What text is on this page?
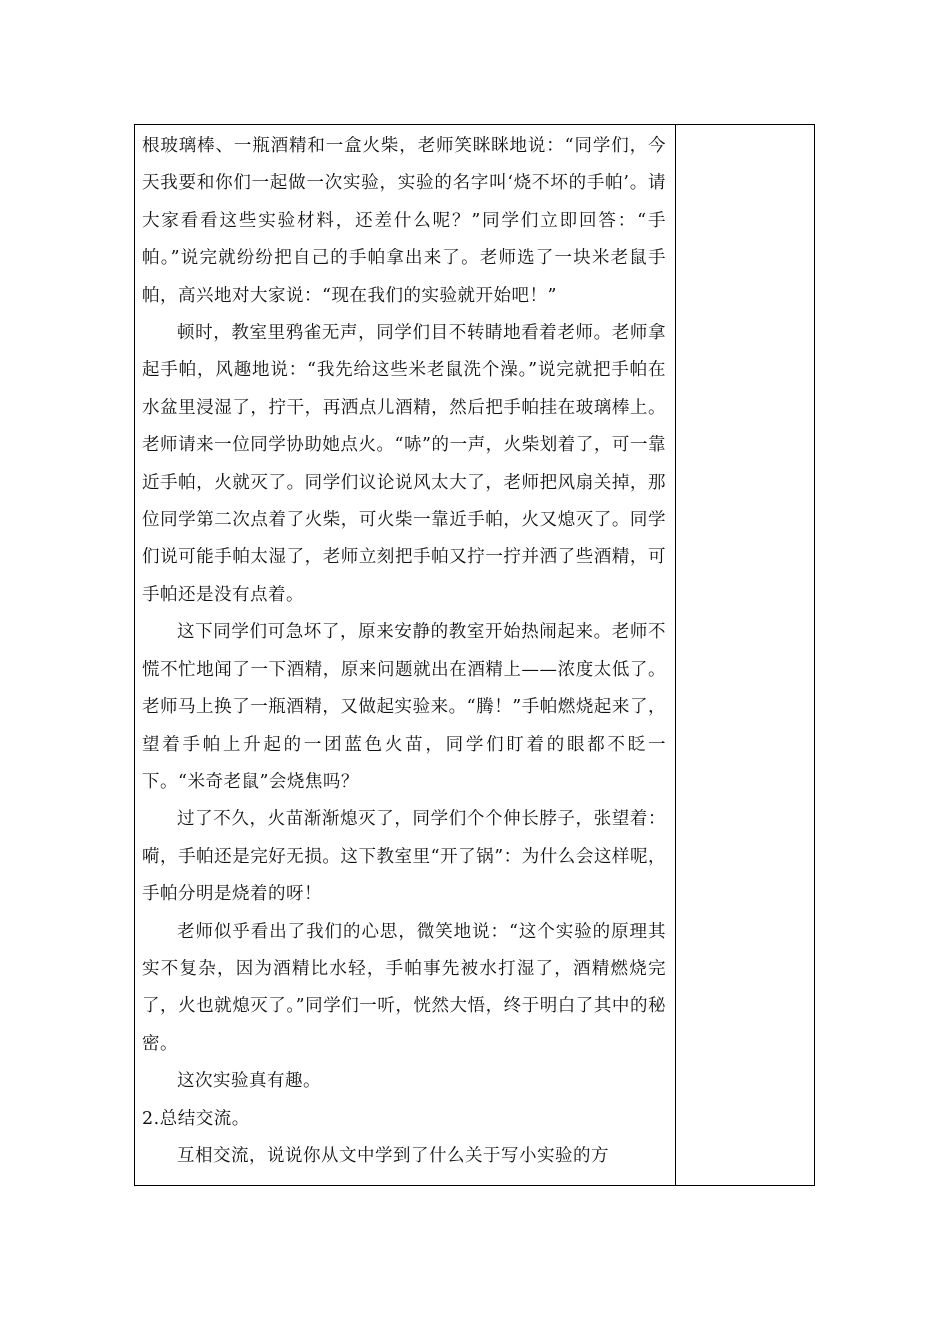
根玻璃棒、一瓶酒精和一盒火柴，老师笑眯眯地说：“同学们，今天我要和你们一起做一次实验，实验的名字叫‘烧不坏的手帕’。请大家看看这些实验材料，还差什么呢？”同学们立即回答：“手帕。”说完就纷纷把自己的手帕拿出来了。老师选了一块米老鼠手帕，高兴地对大家说：“现在我们的实验就开始吧！”

顿时，教室里鸦雀无声，同学们目不转睛地看着老师。老师拿起手帕，风趣地说：“我先给这些米老鼠洗个澡。”说完就把手帕在水盆里浸湿了，拧干，再洒点儿酒精，然后把手帕挂在玻璃棒上。老师请来一位同学协助她点火。“哧”的一声，火柴划着了，可一靠近手帕，火就灭了。同学们议论说风太大了，老师把风扇关掉，那位同学第二次点着了火柴，可火柴一靠近手帕，火又熄灭了。同学们说可能手帕太湿了，老师立刻把手帕又拧一拧并洒了些酒精，可手帕还是没有点着。

这下同学们可急坏了，原来安静的教室开始热闹起来。老师不慌不忙地闻了一下酒精，原来问题就出在酒精上——浓度太低了。老师马上换了一瓶酒精，又做起实验来。“腾！”手帕燃烧起来了，望着手帕上升起的一团蓝色火苗，同学们盯着的眼都不眨一下。“米奇老鼠”会烧焦吗？

过了不久，火苗渐渐熄灭了，同学们个个伸长脖子，张望着：嗬，手帕还是完好无损。这下教室里“开了锅”：为什么会这样呢，手帕分明是烧着的呀！

老师似乎看出了我们的心思，微笑地说：“这个实验的原理其实不复杂，因为酒精比水轻，手帕事先被水打湿了，酒精燃烧完了，火也就熄灭了。”同学们一听，恍然大悟，终于明白了其中的秘密。

这次实验真有趣。

2.总结交流。

互相交流，说说你从文中学到了什么关于写小实验的方
